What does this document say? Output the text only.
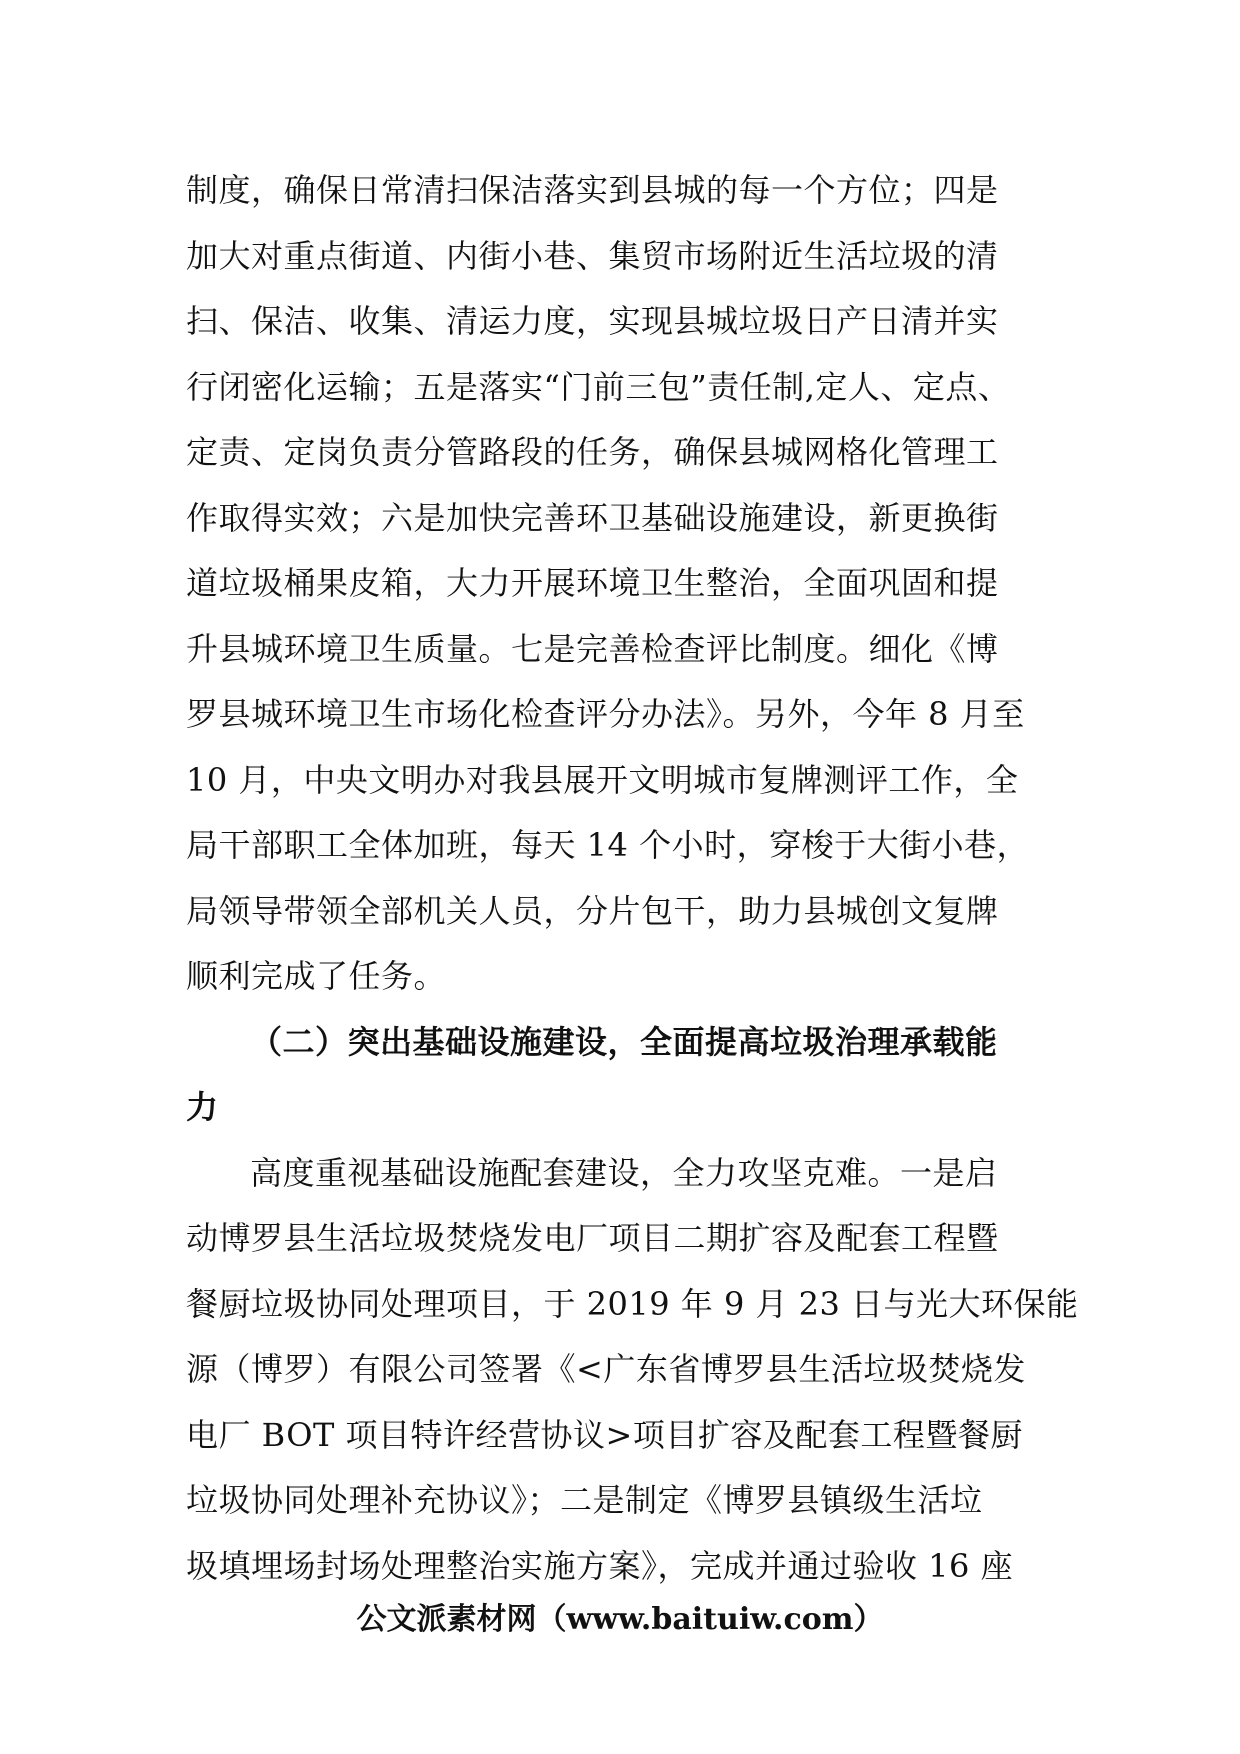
制度，确保日常清扫保洁落实到县城的每一个方位；四是
加大对重点街道、内街小巷、集贸市场附近生活垃圾的清
扫、保洁、收集、清运力度，实现县城垃圾日产日清并实
行闭密化运输；五是落实“门前三包”责任制,定人、定点、
定责、定岗负责分管路段的任务，确保县城网格化管理工
作取得实效；六是加快完善环卫基础设施建设，新更换街
道垃圾桶果皮箱，大力开展环境卫生整治，全面巩固和提
升县城环境卫生质量。七是完善检查评比制度。细化《博
罗县城环境卫生市场化检查评分办法》。另外，今年 8 月至
10 月，中央文明办对我县展开文明城市复牌测评工作，全
局干部职工全体加班，每天 14 个小时，穿梭于大街小巷，
局领导带领全部机关人员，分片包干，助力县城创文复牌
顺利完成了任务。
（二）突出基础设施建设，全面提高垃圾治理承载能
力
高度重视基础设施配套建设，全力攻坚克难。一是启
动博罗县生活垃圾焚烧发电厂项目二期扩容及配套工程暨
餐厨垃圾协同处理项目，于 2019 年 9 月 23 日与光大环保能
源（博罗）有限公司签署《<广东省博罗县生活垃圾焚烧发
电厂 BOT 项目特许经营协议>项目扩容及配套工程暨餐厨
垃圾协同处理补充协议》；二是制定《博罗县镇级生活垃
圾填埋场封场处理整治实施方案》，完成并通过验收 16 座
公文派素材网（www.baituiw.com）
